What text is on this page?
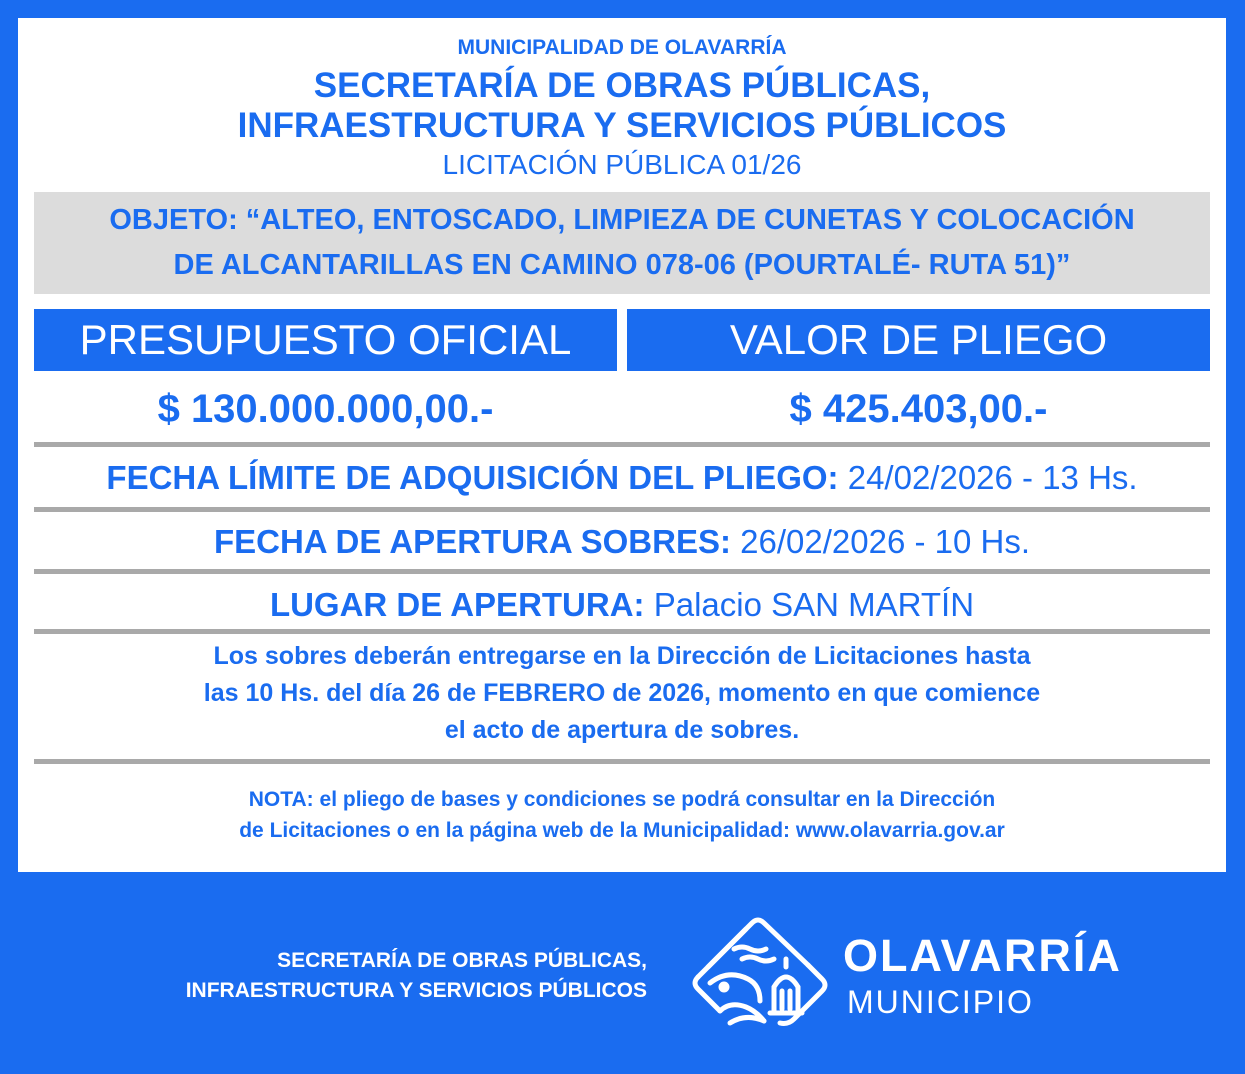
MUNICIPALIDAD DE OLAVARRÍA
SECRETARÍA DE OBRAS PÚBLICAS,
INFRAESTRUCTURA Y SERVICIOS PÚBLICOS
LICITACIÓN PÚBLICA 01/26
OBJETO: “ALTEO, ENTOSCADO, LIMPIEZA DE CUNETAS Y COLOCACIÓN
DE ALCANTARILLAS EN CAMINO 078-06 (POURTALÉ- RUTA 51)”
PRESUPUESTO OFICIAL	VALOR DE PLIEGO
$ 130.000.000,00.-	$ 425.403,00.-
FECHA LÍMITE DE ADQUISICIÓN DEL PLIEGO: 24/02/2026 - 13 Hs.
FECHA DE APERTURA SOBRES: 26/02/2026 - 10 Hs.
LUGAR DE APERTURA: Palacio SAN MARTÍN
Los sobres deberán entregarse en la Dirección de Licitaciones hasta
las 10 Hs. del día 26 de FEBRERO de 2026, momento en que comience
el acto de apertura de sobres.
NOTA: el pliego de bases y condiciones se podrá consultar en la Dirección
de Licitaciones o en la página web de la Municipalidad: www.olavarria.gov.ar
SECRETARÍA DE OBRAS PÚBLICAS,
INFRAESTRUCTURA Y SERVICIOS PÚBLICOS
OLAVARRÍA
MUNICIPIO
